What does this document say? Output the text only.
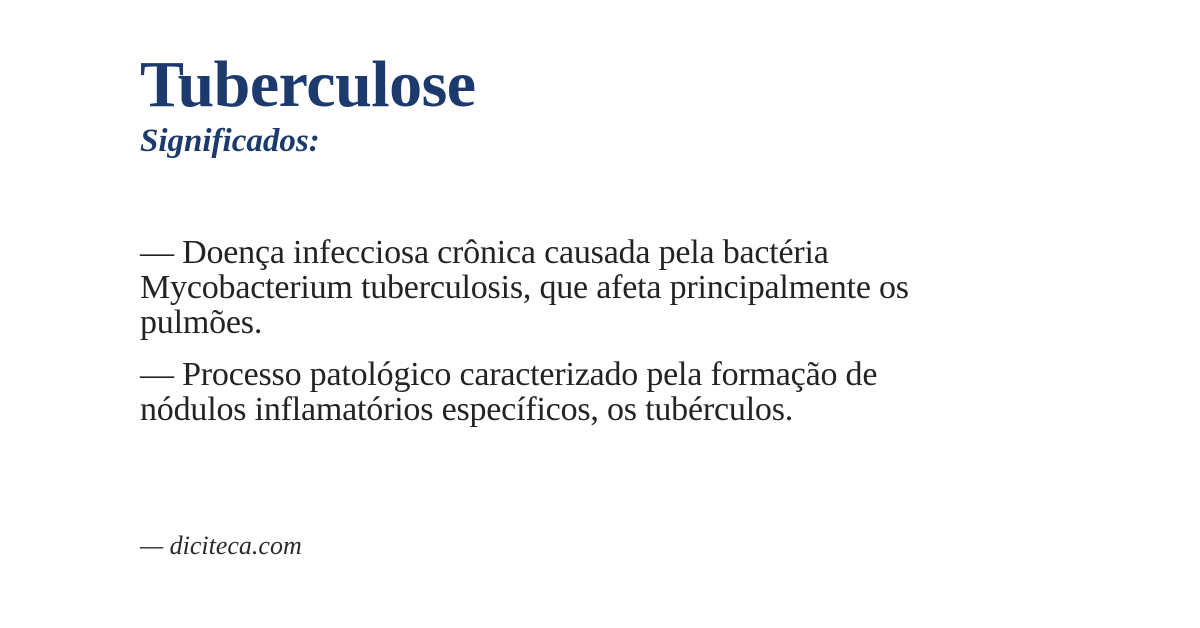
Tuberculose
Significados:

— Doença infecciosa crônica causada pela bactéria
Mycobacterium tuberculosis, que afeta principalmente os
pulmões.

— Processo patológico caracterizado pela formação de
nódulos inflamatórios específicos, os tubérculos.

— diciteca.com
